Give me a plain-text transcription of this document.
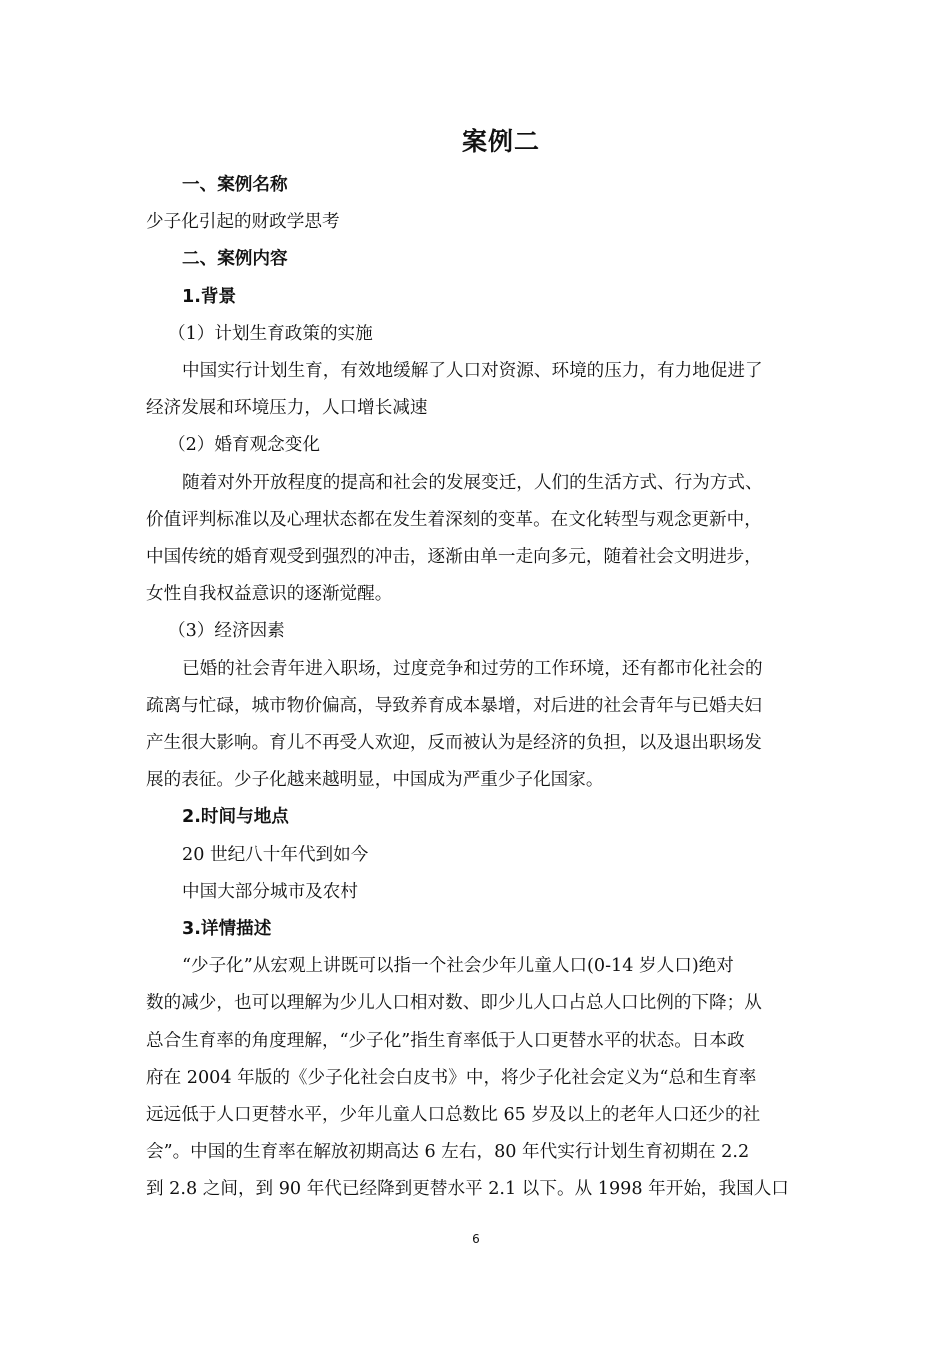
案例二

一、案例名称

少子化引起的财政学思考

二、案例内容

1.背景

（1）计划生育政策的实施

中国实行计划生育，有效地缓解了人口对资源、环境的压力，有力地促进了

经济发展和环境压力，人口增长减速

（2）婚育观念变化

随着对外开放程度的提高和社会的发展变迁，人们的生活方式、行为方式、

价值评判标准以及心理状态都在发生着深刻的变革。在文化转型与观念更新中，

中国传统的婚育观受到强烈的冲击，逐渐由单一走向多元，随着社会文明进步，

女性自我权益意识的逐渐觉醒。

（3）经济因素

已婚的社会青年进入职场，过度竞争和过劳的工作环境，还有都市化社会的

疏离与忙碌，城市物价偏高，导致养育成本暴增，对后进的社会青年与已婚夫妇

产生很大影响。育儿不再受人欢迎，反而被认为是经济的负担，以及退出职场发

展的表征。少子化越来越明显，中国成为严重少子化国家。

2.时间与地点

20 世纪八十年代到如今

中国大部分城市及农村

3.详情描述

“少子化”从宏观上讲既可以指一个社会少年儿童人口(0-14 岁人口)绝对

数的减少，也可以理解为少儿人口相对数、即少儿人口占总人口比例的下降；从

总合生育率的角度理解，“少子化”指生育率低于人口更替水平的状态。日本政

府在 2004 年版的《少子化社会白皮书》中，将少子化社会定义为“总和生育率

远远低于人口更替水平，少年儿童人口总数比 65 岁及以上的老年人口还少的社

会”。中国的生育率在解放初期高达 6 左右，80 年代实行计划生育初期在 2.2

到 2.8 之间，到 90 年代已经降到更替水平 2.1 以下。从 1998 年开始，我国人口

6
